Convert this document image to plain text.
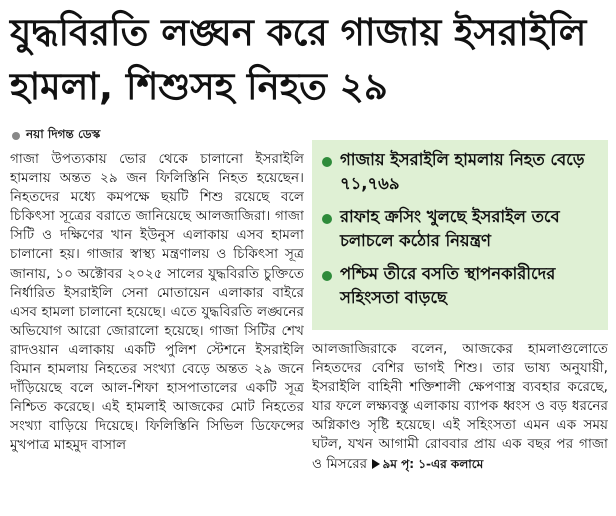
যুদ্ধবিরতি লঙ্ঘন করে গাজায় ইসরাইলি হামলা, শিশুসহ নিহত ২৯
নয়া দিগন্ত ডেস্ক

গাজা উপত্যকায় ভোর থেকে চালানো ইসরাইলি হামলায় অন্তত ২৯ জন ফিলিস্তিনি নিহত হয়েছেন। নিহতদের মধ্যে কমপক্ষে ছয়টি শিশু রয়েছে বলে চিকিৎসা সূত্রের বরাতে জানিয়েছে আলজাজিরা। গাজা সিটি ও দক্ষিণের খান ইউনুস এলাকায় এসব হামলা চালানো হয়। গাজার স্বাস্থ্য মন্ত্রণালয় ও চিকিৎসা সূত্র জানায়, ১০ অক্টোবর ২০২৫ সালের যুদ্ধবিরতি চুক্তিতে নির্ধারিত ইসরাইলি সেনা মোতায়েন এলাকার বাইরে এসব হামলা চালানো হয়েছে। এতে যুদ্ধবিরতি লঙ্ঘনের অভিযোগ আরো জোরালো হয়েছে। গাজা সিটির শেখ রাদওয়ান এলাকায় একটি পুলিশ স্টেশনে ইসরাইলি বিমান হামলায় নিহতের সংখ্যা বেড়ে অন্তত ২৯ জনে দাঁড়িয়েছে বলে আল-শিফা হাসপাতালের একটি সূত্র নিশ্চিত করেছে। এই হামলাই আজকের মোট নিহতের সংখ্যা বাড়িয়ে দিয়েছে। ফিলিস্তিনি সিভিল ডিফেন্সের মুখপাত্র মাহমুদ বাসাল

গাজায় ইসরাইলি হামলায় নিহত বেড়ে ৭১,৭৬৯
রাফাহ ক্রসিং খুলছে ইসরাইল তবে চলাচলে কঠোর নিয়ন্ত্রণ
পশ্চিম তীরে বসতি স্থাপনকারীদের সহিংসতা বাড়ছে

আলজাজিরাকে বলেন, আজকের হামলাগুলোতে নিহতদের বেশির ভাগই শিশু। তার ভাষ্য অনুযায়ী, ইসরাইলি বাহিনী শক্তিশালী ক্ষেপণাস্ত্র ব্যবহার করেছে, যার ফলে লক্ষ্যবস্তু এলাকায় ব্যাপক ধ্বংস ও বড় ধরনের অগ্নিকাণ্ড সৃষ্টি হয়েছে। এই সহিংসতা এমন এক সময় ঘটল, যখন আগামী রোববার প্রায় এক বছর পর গাজা ও মিসরের ৯ম পৃ: ১-এর কলামে
